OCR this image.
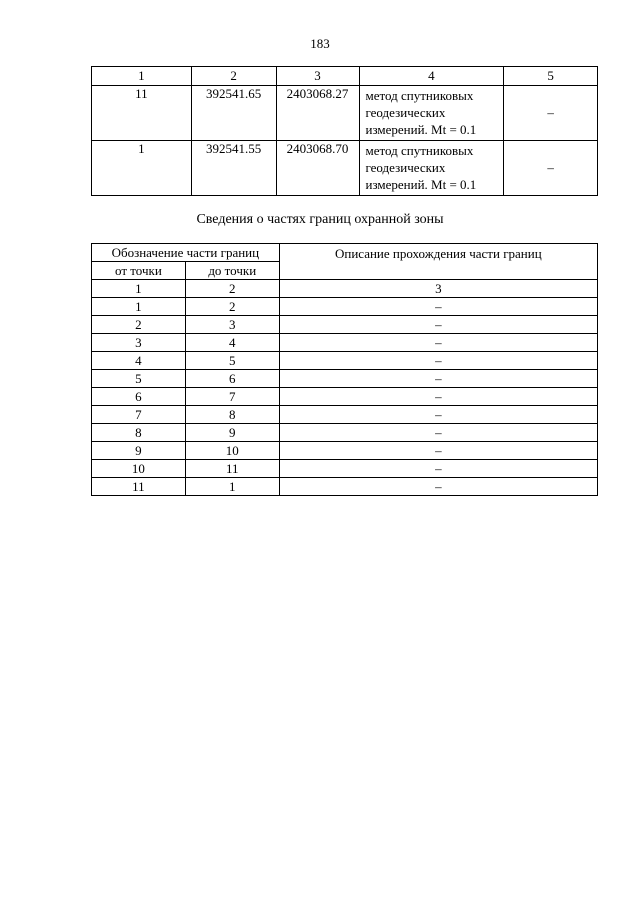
183
1	2	3	4	5
11	392541.65	2403068.27	метод спутниковых
геодезических
измерений. Mt = 0.1	–
1	392541.55	2403068.70	метод спутниковых
геодезических
измерений. Mt = 0.1	–
Сведения о частях границ охранной зоны
Обозначение части границ		Описание прохождения части границ
от точки	до точки	
1	2	3
1	2	–
2	3	–
3	4	–
4	5	–
5	6	–
6	7	–
7	8	–
8	9	–
9	10	–
10	11	–
11	1	–
